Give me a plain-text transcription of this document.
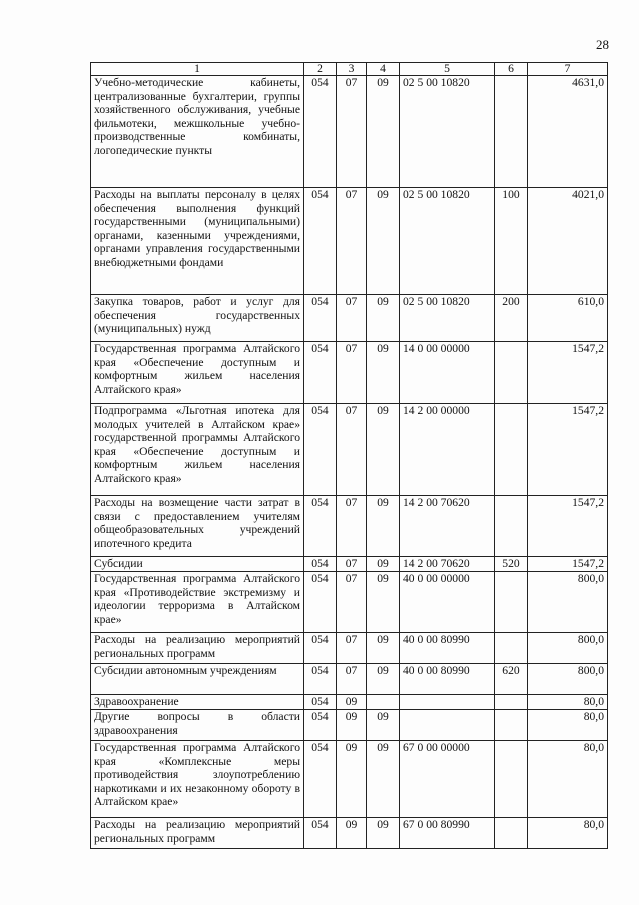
28
1	2	3	4	5	6	7
Учебно-методические кабинеты, централизованные бухгалтерии, группы хозяйственного обслуживания, учебные фильмотеки, межшкольные учебно-производственные комбинаты, логопедические пункты	054	07	09	02 5 00 10820		4631,0
Расходы на выплаты персоналу в целях обеспечения выполнения функций государственными (муниципальными) органами, казенными учреждениями, органами управления государственными внебюджетными фондами	054	07	09	02 5 00 10820	100	4021,0
Закупка товаров, работ и услуг для обеспечения государственных (муниципальных) нужд	054	07	09	02 5 00 10820	200	610,0
Государственная программа Алтайского края «Обеспечение доступным и комфортным жильем населения Алтайского края»	054	07	09	14 0 00 00000		1547,2
Подпрограмма «Льготная ипотека для молодых учителей в Алтайском крае» государственной программы Алтайского края «Обеспечение доступным и комфортным жильем населения Алтайского края»	054	07	09	14 2 00 00000		1547,2
Расходы на возмещение части затрат в связи с предоставлением учителям общеобразовательных учреждений ипотечного кредита	054	07	09	14 2 00 70620		1547,2
Субсидии	054	07	09	14 2 00 70620	520	1547,2
Государственная программа Алтайского края «Противодействие экстремизму и идеологии терроризма в Алтайском крае»	054	07	09	40 0 00 00000		800,0
Расходы на реализацию мероприятий региональных программ	054	07	09	40 0 00 80990		800,0
Субсидии автономным учреждениям	054	07	09	40 0 00 80990	620	800,0
Здравоохранение	054	09				80,0
Другие вопросы в области здравоохранения	054	09	09			80,0
Государственная программа Алтайского края «Комплексные меры противодействия злоупотреблению наркотиками и их незаконному обороту в Алтайском крае»	054	09	09	67 0 00 00000		80,0
Расходы на реализацию мероприятий региональных программ	054	09	09	67 0 00 80990		80,0
